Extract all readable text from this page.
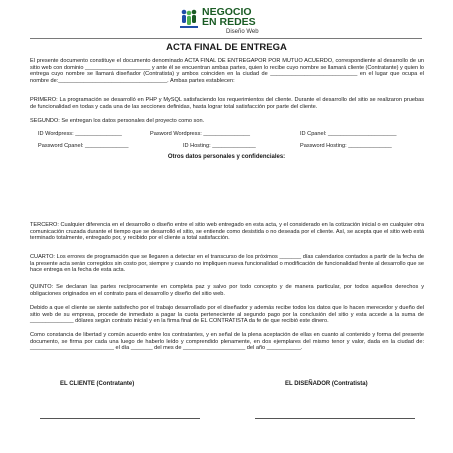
NEGOCIO
EN REDES
Diseño Web
ACTA FINAL DE ENTREGA

El presente documento constituye el documento denominado ACTA FINAL DE ENTREGAPOR POR MUTUO ACUERDO, correspondiente al desarrollo de un sitio web con dominio _____________________ y ante él se encuentran ambas partes, quien lo recibe cuyo nombre se llamará cliente (Contratante) y quien lo entrega cuyo nombre se llamará diseñador (Contratista) y ambos coinciden en la ciudad de ____________________________ en el lugar que ocupa el nombre de:___________________________________. Ambas partes establecen:

PRIMERO: La programación se desarrolló en PHP y MySQL satisfaciendo los requerimientos del cliente. Durante el desarrollo del sitio se realizaron pruebas de funcionalidad en todas y cada una de las secciones definidas, hasta lograr total satisfacción por parte del cliente.

SEGUNDO: Se entregan los datos personales del proyecto como son.

ID Wordpress: _______________	Pasword Wordpress: _______________	ID Cpanel: ______________________
Password Cpanel: ______________	ID Hosting: ______________	Password Hosting: ______________
Otros datos personales y confidenciales:

TERCERO: Cualquier diferencia en el desarrollo o diseño entre el sitio web entregado en esta acta, y el considerado en la cotización inicial o en cualquier otra comunicación cruzada durante el tiempo que se desarrolló el sitio, se entiende como desistida o no deseada por el cliente. Así, se acepta que el sitio web está terminado totalmente, entregado por, y recibido por el cliente a total satisfacción.

CUARTO: Los errores de programación que se llegaren a detectar en el transcurso de los próximos _______ días calendarios contados a partir de la fecha de la presente acta serán corregidos sin costo por, siempre y cuando no impliquen nueva funcionalidad o modificación de funcionalidad frente al desarrollo que se hace entrega en la fecha de esta acta.

QUINTO: Se declaran las partes recíprocamente en completa paz y salvo por todo concepto y de manera particular, por todos aquellos derechos y obligaciones originados en el contrato para el desarrollo y diseño del sitio web.

Debido a que el cliente se siente satisfecho por el trabajo desarrollado por el diseñador y además recibe todos los datos que lo hacen merecedor y dueño del sitio web de su empresa, procede de inmediato a pagar la cuota perteneciente al segundo pago por la conclusión del sitio y esta accede a la suma de ______________ dólares según contrato inicial y en la firma final de EL CONTRATISTA da fe de que recibió este dinero.

Como constancia de libertad y común acuerdo entre los contratantes, y en señal de la plena aceptación de ellas en cuanto al contenido y forma del presente documento, se firma por cada una luego de haberlo leído y comprendido plenamente, en dos ejemplares del mismo tenor y valor, dada en la ciudad de: ___________________________ el día _______ del mes de ____________________ del año ___________.

EL CLIENTE (Contratante)	EL DISEÑADOR (Contratista)
